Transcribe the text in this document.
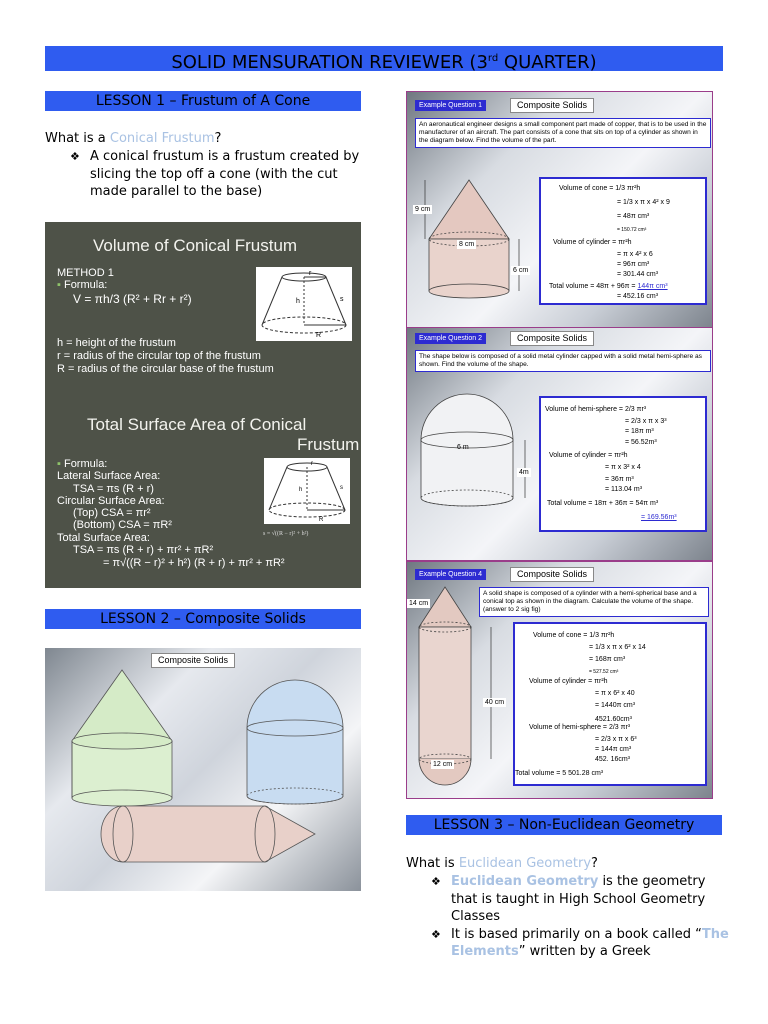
SOLID MENSURATION REVIEWER (3rd QUARTER)
LESSON 1 – Frustum of A Cone
What is a Conical Frustum?
❖ A conical frustum is a frustum created by slicing the top off a cone (with the cut made parallel to the base)
Volume of Conical Frustum
METHOD 1
▪ Formula:
V = πh/3 (R² + Rr + r²)
r
h	s
R
h = height of the frustum
r = radius of the circular top of the frustum
R = radius of the circular base of the frustum
Total Surface Area of Conical
Frustum
▪ Formula:
Lateral Surface Area:
TSA = πs (R + r)
Circular Surface Area:
(Top) CSA = πr²
(Bottom) CSA = πR²
Total Surface Area:
TSA = πs (R + r) + πr² + πR²
= π√((R − r)² + h²) (R + r) + πr² + πR²
r
h	s
R
s = √((R − r)² + h²)
LESSON 2 – Composite Solids
Composite Solids
Example Question 1	Composite Solids
An aeronautical engineer designs a small component part made of copper, that is to be used in the manufacturer of an aircraft. The part consists of a cone that sits on top of a cylinder as shown in the diagram below. Find the volume of the part.
9 cm
8 cm
6 cm
Volume of cone = 1/3 πr²h
= 1/3 x π x 4² x 9
= 48π cm³
= 150.72 cm³
Volume of cylinder = πr²h
= π x 4² x 6
= 96π cm³
= 301.44 cm³
Total volume = 48π + 96π = 144π cm³
= 452.16 cm³
Example Question 2	Composite Solids
The shape below is composed of a solid metal cylinder capped with a solid metal hemi-sphere as shown. Find the volume of the shape.
6 m
4m
Volume of hemi-sphere = 2/3 πr³
= 2/3 x π x 3³
= 18π m³
= 56.52m³
Volume of cylinder = πr²h
= π x 3² x 4
= 36π m³
= 113.04 m³
Total volume = 18π + 36π = 54π m³
= 169.56m³
Example Question 4	Composite Solids
A solid shape is composed of a cylinder with a hemi-spherical base and a conical top as shown in the diagram. Calculate the volume of the shape. (answer to 2 sig fig)
14 cm
40 cm
12 cm
Volume of cone = 1/3 πr²h
= 1/3 x π x 6² x 14
= 168π cm³
= 527.52 cm³
Volume of cylinder = πr²h
= π x 6² x 40
= 1440π cm³
4521.60cm³
Volume of hemi-sphere = 2/3 πr³
= 2/3 x π x 6³
= 144π cm³
452. 16cm³
Total volume = 5 501.28 cm³
LESSON 3 – Non-Euclidean Geometry
What is Euclidean Geometry?
❖ Euclidean Geometry is the geometry that is taught in High School Geometry Classes
❖ It is based primarily on a book called “The Elements” written by a Greek
